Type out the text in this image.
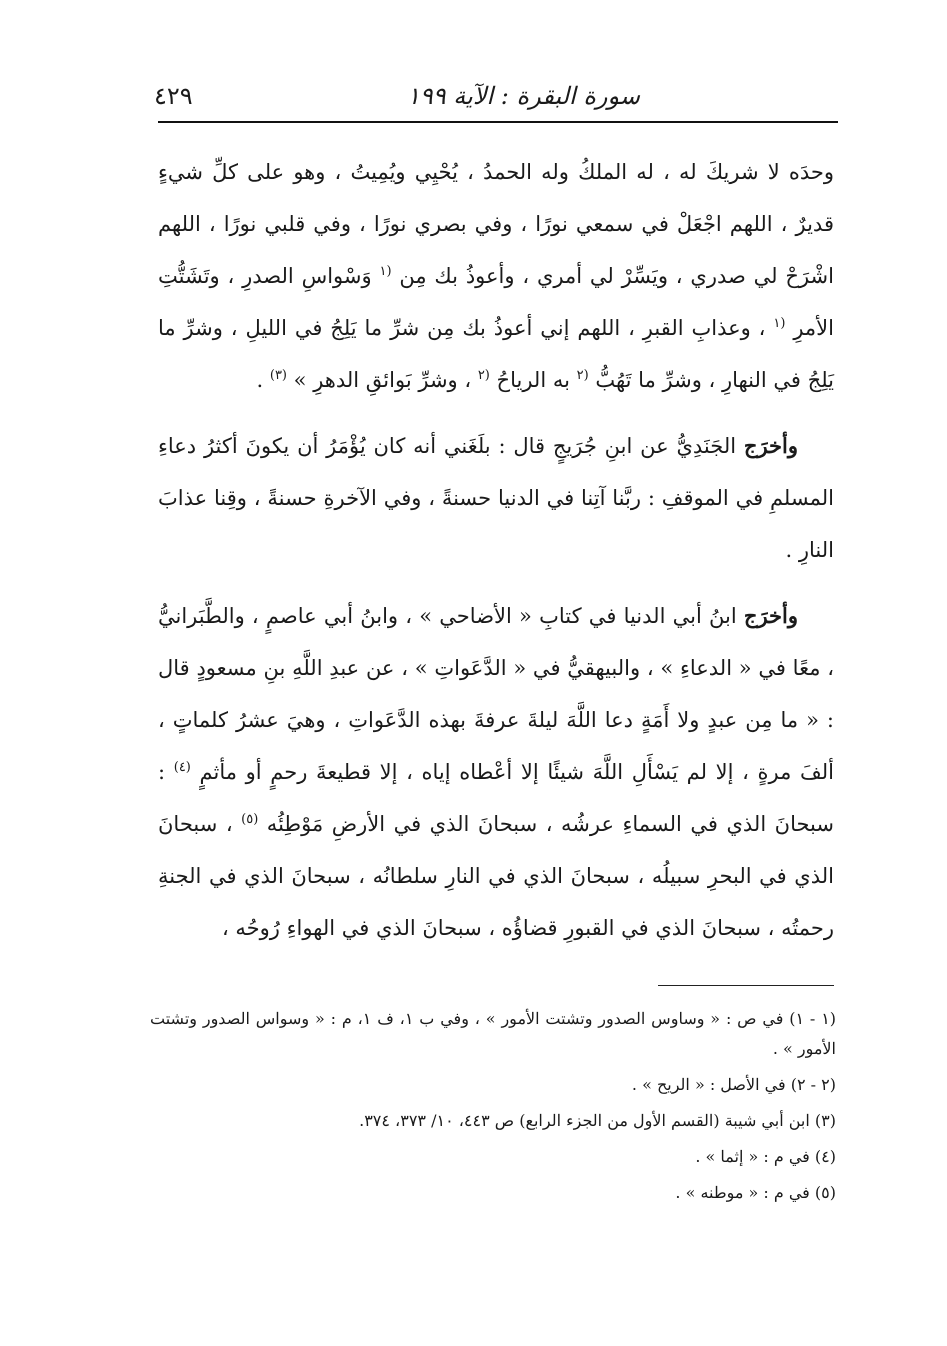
سورة البقرة : الآية ١٩٩
٤٢٩

وحدَه لا شريكَ له ، له الملكُ وله الحمدُ ، يُحْيِي ويُمِيتُ ، وهو على كلِّ شيءٍ قديرٌ ، اللهم اجْعَلْ في سمعي نورًا ، وفي بصري نورًا ، وفي قلبي نورًا ، اللهم اشْرَحْ لي صدري ، ويَسِّرْ لي أمري ، وأعوذُ بك مِن $^{(١}$ وَسْواسِ الصدرِ ، وتَشَتُّتِ الأمرِ $^{(١}$ ، وعذابِ القبرِ ، اللهم إني أعوذُ بك مِن شرِّ ما يَلِجُ في الليلِ ، وشرِّ ما يَلِجُ في النهارِ ، وشرِّ ما تَهُبُّ $^{(٢}$ به الرياحُ $^{(٢}$ ، وشرِّ بَوائقِ الدهرِ » $^{(٣)}$ .

وأخرَج الجَنَدِيُّ عن ابنِ جُرَيجٍ قال : بلَغَني أنه كان يُؤْمَرُ أن يكونَ أكثرُ دعاءِ المسلمِ في الموقفِ : ربَّنا آتِنا في الدنيا حسنةً ، وفي الآخرةِ حسنةً ، وقِنا عذابَ النارِ .

وأخرَج ابنُ أبي الدنيا في كتابِ « الأضاحي » ، وابنُ أبي عاصمٍ ، والطَّبَرانيُّ ، معًا في « الدعاءِ » ، والبيهقيُّ في « الدَّعَواتِ » ، عن عبدِ اللَّهِ بنِ مسعودٍ قال : « ما مِن عبدٍ ولا أَمَةٍ دعا اللَّهَ ليلةَ عرفةَ بهذه الدَّعَواتِ ، وهيَ عشرُ كلماتٍ ، ألفَ مرةٍ ، إلا لم يَسْأَلِ اللَّهَ شيئًا إلا أعْطاه إياه ، إلا قطيعةَ رحمٍ أو مأثمٍ $^{(٤)}$ : سبحانَ الذي في السماءِ عرشُه ، سبحانَ الذي في الأرضِ مَوْطِئُه $^{(٥)}$ ، سبحانَ الذي في البحرِ سبيلُه ، سبحانَ الذي في النارِ سلطانُه ، سبحانَ الذي في الجنةِ رحمتُه ، سبحانَ الذي في القبورِ قضاؤُه ، سبحانَ الذي في الهواءِ رُوحُه ،

(١ - ١) في ص : « وساوس الصدور وتشتت الأمور » ، وفي ب ١، ف ١، م : « وسواس الصدور وتشتت الأمور » .

(٢ - ٢) في الأصل : « الريح » .

(٣) ابن أبي شيبة (القسم الأول من الجزء الرابع) ص ٤٤٣، ١٠/ ٣٧٣، ٣٧٤.

(٤) في م : « إثما » .

(٥) في م : « موطنه » .
